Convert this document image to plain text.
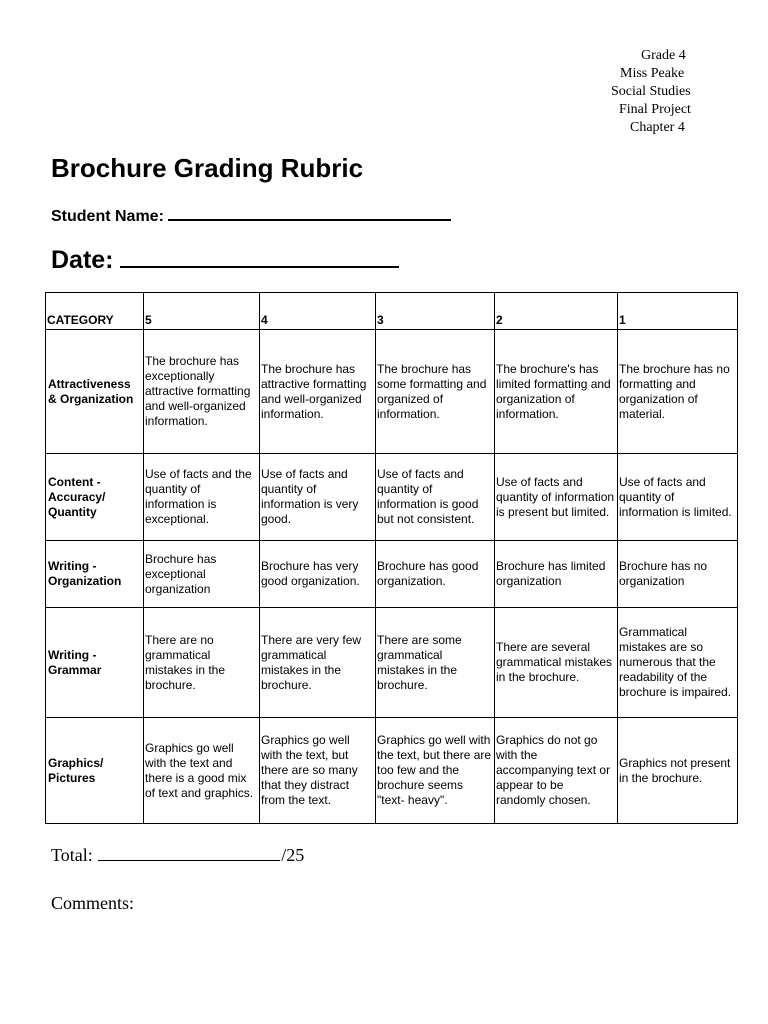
Grade 4
Miss Peake
Social Studies
Final Project
Chapter 4
Brochure Grading Rubric
Student Name:
Date:
CATEGORY	5	4	3	2	1
Attractiveness & Organization	The brochure has exceptionally attractive formatting and well-organized information.	The brochure has attractive formatting and well-organized information.	The brochure has some formatting and organized of information.	The brochure's has limited formatting and organization of information.	The brochure has no formatting and organization of material.
Content - Accuracy/ Quantity	Use of facts and the quantity of information is exceptional.	Use of facts and quantity of information is very good.	Use of facts and quantity of information is good but not consistent.	Use of facts and quantity of information is present but limited.	Use of facts and quantity of information is limited.
Writing - Organization	Brochure has exceptional organization	Brochure has very good organization.	Brochure has good organization.	Brochure has limited organization	Brochure has no organization
Writing - Grammar	There are no grammatical mistakes in the brochure.	There are very few grammatical mistakes in the brochure.	There are some grammatical mistakes in the brochure.	There are several grammatical mistakes in the brochure.	Grammatical mistakes are so numerous that the readability of the brochure is impaired.
Graphics/ Pictures	Graphics go well with the text and there is a good mix of text and graphics.	Graphics go well with the text, but there are so many that they distract from the text.	Graphics go well with the text, but there are too few and the brochure seems "text- heavy".	Graphics do not go with the accompanying text or appear to be randomly chosen.	Graphics not present in the brochure.
Total:	/25
Comments:
